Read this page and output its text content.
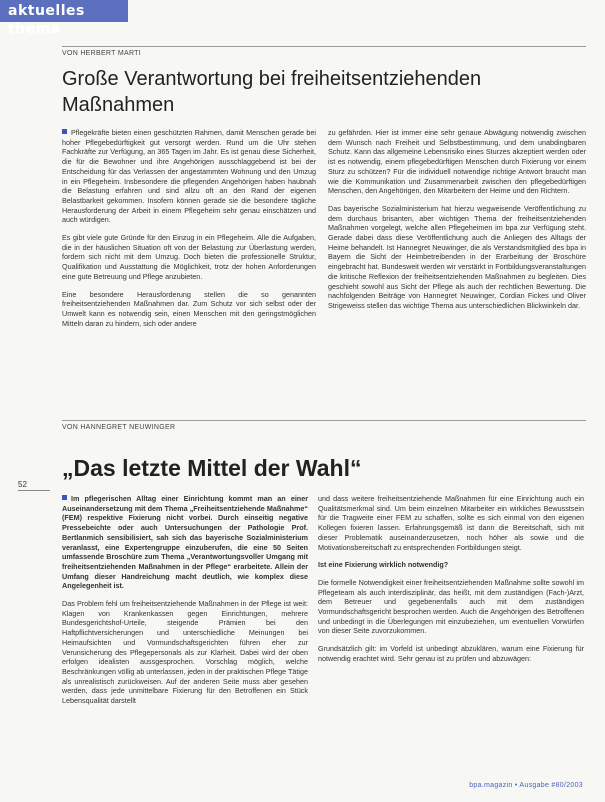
aktuelles thema
VON HERBERT MARTI
Große Verantwortung bei freiheitsentziehenden Maßnahmen

Pflegekräfte bieten einen geschützten Rahmen, damit Menschen gerade bei hoher Pflegebedürftigkeit gut versorgt werden. Rund um die Uhr stehen Fachkräfte zur Verfügung, an 365 Tagen im Jahr. Es ist genau diese Sicherheit, die für die Bewohner und ihre Angehörigen ausschlaggebend ist bei der Entscheidung für das Verlassen der angestammten Wohnung und den Umzug in ein Pflegeheim. Insbesondere die pflegenden Angehörigen haben haubnah die Belastung erfahren und sind allzu oft an den Rand der eigenen Belastbarkeit gekommen. Insofern können gerade sie die besondere tägliche Herausforderung der Arbeit in einem Pflegeheim sehr genau einschätzen und auch würdigen.

Es gibt viele gute Gründe für den Einzug in ein Pflegeheim. Alle die Aufgaben, die in der häuslichen Situation oft von der Belastung zur Überlastung werden, fordern sich nicht mit dem Umzug. Doch bieten die professionelle Struktur, Qualifikation und Ausstattung die Möglichkeit, trotz der hohen Anforderungen eine gute Betreuung und Pflege anzubieten.

Eine besondere Herausforderung stellen die so genannten freiheitsentziehenden Maßnahmen dar. Zum Schutz vor sich selbst oder der Umwelt kann es notwendig sein, einen Menschen mit den geringstmöglichen Mitteln daran zu hindern, sich oder andere

zu gefährden. Hier ist immer eine sehr genaue Abwägung notwendig zwischen dem Wunsch nach Freiheit und Selbstbestimmung, und dem unabdingbaren Schutz. Kann das allgemeine Lebensrisiko eines Sturzes akzeptiert werden oder ist es notwendig, einem pflegebedürftigen Menschen durch Fixierung vor einem Sturz zu schützen? Für die individuell notwendige richtige Antwort braucht man wie die Kommunikation und Zusammenarbeit zwischen den pflegebedürftigen Menschen, den Angehörigen, den Mitarbeitern der Heime und den Richtern.

Das bayerische Sozialministerium hat hierzu wegweisende Veröffentlichung zu dem durchaus brisanten, aber wichtigen Thema der freiheitsentziehenden Maßnahmen vorgelegt, welche allen Pflegeheimen im bpa zur Verfügung steht. Gerade dabei dass diese Veröffentlichung auch die Anliegen des Alltags der Heime behandelt. Ist Hannegret Neuwinger, die als Verstandsmitglied des bpa in Bayern die Sicht der Heimbetreibenden in der Erarbeitung der Broschüre eingebracht hat. Bundesweit werden wir verstärkt in Fortbildungsveranstaltungen die kritische Reflexion der freiheitsentziehenden Maßnahmen zu begleiten. Dies geschieht sowohl aus Sicht der Pflege als auch der rechtlichen Bewertung. Die nachfolgenden Beiträge von Hannegret Neuwinger, Cordian Fickes und Oliver Strigeweiss stellen das wichtige Thema aus unterschiedlichen Blickwinkeln dar.

VON HANNEGRET NEUWINGER
„Das letzte Mittel der Wahl“
52

Im pflegerischen Alltag einer Einrichtung kommt man an einer Auseinandersetzung mit dem Thema „Freiheitsentziehende Maßnahme“ (FEM) respektive Fixierung nicht vorbei. Durch einseitig negative Pressebeichte oder auch Untersuchungen der Pathologie Prof. Bertlanmich sensibilisiert, sah sich das bayerische Sozialministerium veranlasst, eine Expertengruppe einzuberufen, die eine 50 Seiten umfassende Broschüre zum Thema „Verantwortungsvoller Umgang mit freiheitsentziehenden Maßnahmen in der Pflege“ erarbeitete. Allein der Umfang dieser Handreichung macht deutlich, wie komplex diese Angelegenheit ist.

Das Problem fehl um freiheitsentziehende Maßnahmen in der Pflege ist weit: Klagen von Krankenkassen gegen Einrichtungen, mehrere Bundesgerichtshof-Urteile, steigende Prämien bei den Haftpflichtversicherungen und unterschiedliche Meinungen bei Heimaufsichten und Vormundschaftsgerichten führen eher zur Verunsicherung des Pflegepersonals als zur Klarheit. Dabei wird der oben erfolgen idealisten aussgesprochen. Vorschlag möglich, welche Beschränkungen völlig ab unterlassen, jeden in der praktischen Pflege Tätige als unrealistisch zurückweisen. Auf der anderen Seite muss aber gesehen werden, dass jede unmittelbare Fixierung für den Betroffenen ein Stück Lebensqualität darstellt

und dass weitere freiheitsentziehende Maßnahmen für eine Einrichtung auch ein Qualitätsmerkmal sind. Um beim einzelnen Mitarbeiter ein wirkliches Bewusstsein für die Tragweite einer FEM zu schaffen, sollte es sich einmal von den eigenen Kollegen fixieren lassen. Erfahrungsgemäß ist dann die Bereitschaft, sich mit dieser Problematik auseinanderzusetzen, noch höher als sowie und die Motivationsbereitschaft zu entsprechenden Fortbildungen steigt.

Ist eine Fixierung wirklich notwendig?

Die formelle Notwendigkeit einer freiheitsentziehenden Maßnahme sollte sowohl im Pflegeteam als auch interdisziplinär, das heißt, mit dem zuständigen (Fach-)Arzt, dem Betreuer und gegebenenfalls auch mit dem zuständigen Vormundschaftsgericht besprochen werden. Auch die Angehörigen des Betroffenen und unbedingt in die Überlegungen mit einzubeziehen, um eventuellen Vorwürfen von dieser Seite zuvorzukommen.

Grundsätzlich gilt: im Vorfeld ist unbedingt abzuklären, warum eine Fixierung für notwendig erachtet wird. Sehr genau ist zu prüfen und abzuwägen:

bpa.magazin • Ausgabe #80/2003
